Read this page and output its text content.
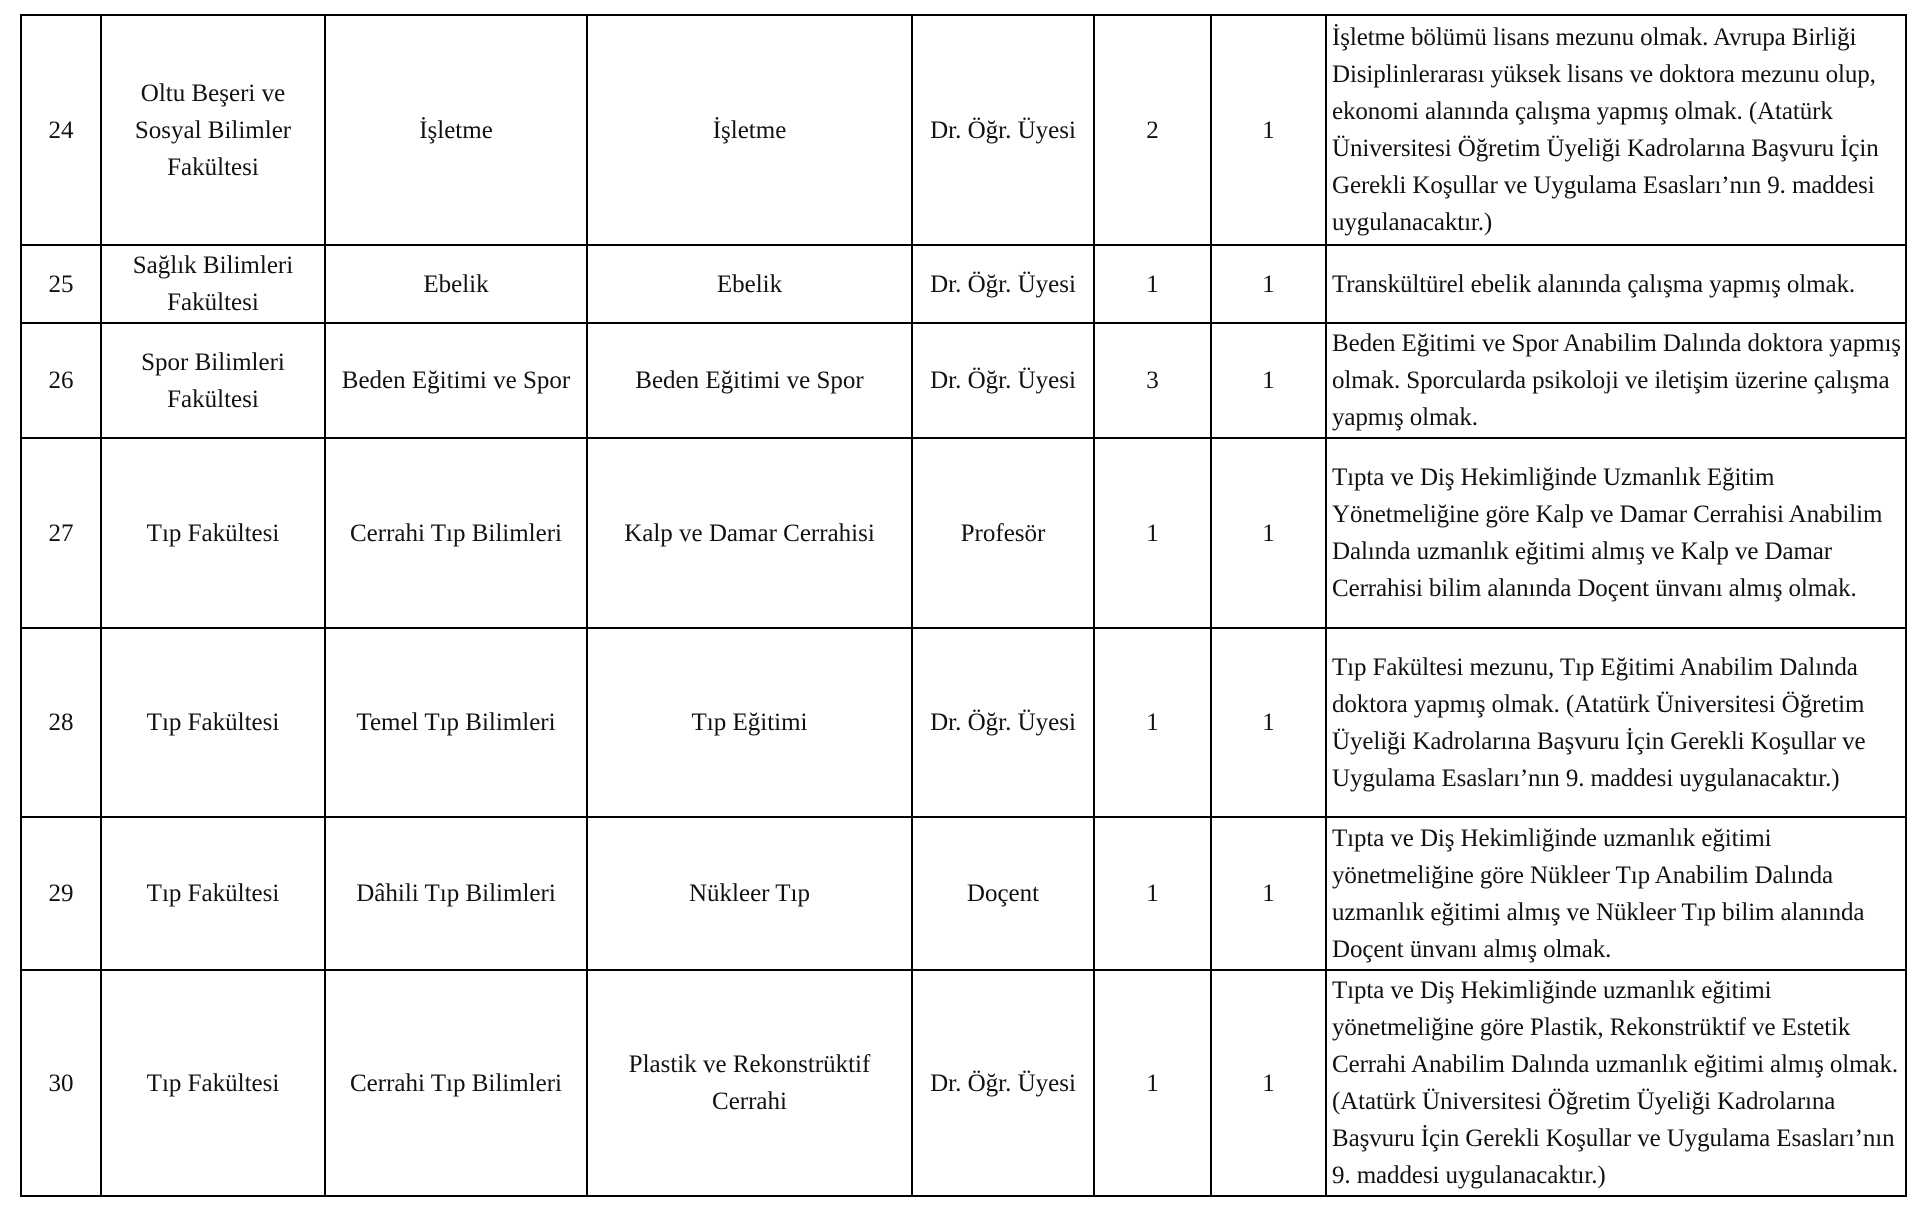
24	Oltu Beşeri ve Sosyal Bilimler Fakültesi	İşletme	İşletme	Dr. Öğr. Üyesi	2	1	İşletme bölümü lisans mezunu olmak. Avrupa Birliği Disiplinlerarası yüksek lisans ve doktora mezunu olup, ekonomi alanında çalışma yapmış olmak. (Atatürk Üniversitesi Öğretim Üyeliği Kadrolarına Başvuru İçin Gerekli Koşullar ve Uygulama Esasları’nın 9. maddesi uygulanacaktır.)
25	Sağlık Bilimleri Fakültesi	Ebelik	Ebelik	Dr. Öğr. Üyesi	1	1	Transkültürel ebelik alanında çalışma yapmış olmak.
26	Spor Bilimleri Fakültesi	Beden Eğitimi ve Spor	Beden Eğitimi ve Spor	Dr. Öğr. Üyesi	3	1	Beden Eğitimi ve Spor Anabilim Dalında doktora yapmış olmak. Sporcularda psikoloji ve iletişim üzerine çalışma yapmış olmak.
27	Tıp Fakültesi	Cerrahi Tıp Bilimleri	Kalp ve Damar Cerrahisi	Profesör	1	1	Tıpta ve Diş Hekimliğinde Uzmanlık Eğitim Yönetmeliğine göre Kalp ve Damar Cerrahisi Anabilim Dalında uzmanlık eğitimi almış ve Kalp ve Damar Cerrahisi bilim alanında Doçent ünvanı almış olmak.
28	Tıp Fakültesi	Temel Tıp Bilimleri	Tıp Eğitimi	Dr. Öğr. Üyesi	1	1	Tıp Fakültesi mezunu, Tıp Eğitimi Anabilim Dalında doktora yapmış olmak. (Atatürk Üniversitesi Öğretim Üyeliği Kadrolarına Başvuru İçin Gerekli Koşullar ve Uygulama Esasları’nın 9. maddesi uygulanacaktır.)
29	Tıp Fakültesi	Dâhili Tıp Bilimleri	Nükleer Tıp	Doçent	1	1	Tıpta ve Diş Hekimliğinde uzmanlık eğitimi yönetmeliğine göre Nükleer Tıp Anabilim Dalında uzmanlık eğitimi almış ve Nükleer Tıp bilim alanında Doçent ünvanı almış olmak.
30	Tıp Fakültesi	Cerrahi Tıp Bilimleri	Plastik ve Rekonstrüktif Cerrahi	Dr. Öğr. Üyesi	1	1	Tıpta ve Diş Hekimliğinde uzmanlık eğitimi yönetmeliğine göre Plastik, Rekonstrüktif ve Estetik Cerrahi Anabilim Dalında uzmanlık eğitimi almış olmak. (Atatürk Üniversitesi Öğretim Üyeliği Kadrolarına Başvuru İçin Gerekli Koşullar ve Uygulama Esasları’nın 9. maddesi uygulanacaktır.)
